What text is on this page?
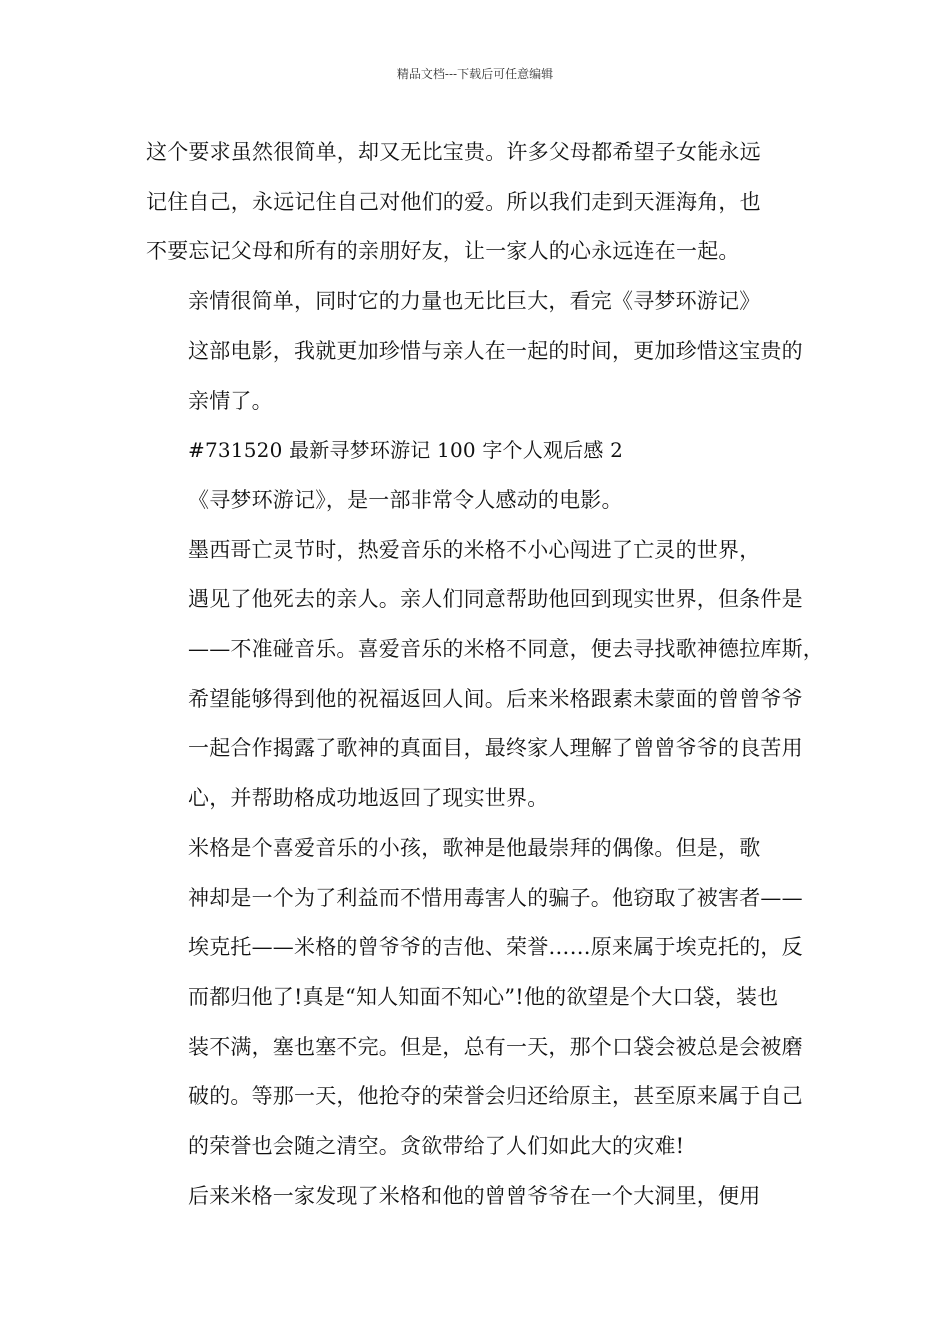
精品文档---下载后可任意编辑
这个要求虽然很简单，却又无比宝贵。许多父母都希望子女能永远
记住自己，永远记住自己对他们的爱。所以我们走到天涯海角，也
不要忘记父母和所有的亲朋好友，让一家人的心永远连在一起。
亲情很简单，同时它的力量也无比巨大，看完《寻梦环游记》
这部电影，我就更加珍惜与亲人在一起的时间，更加珍惜这宝贵的
亲情了。
#731520 最新寻梦环游记 100 字个人观后感 2
《寻梦环游记》，是一部非常令人感动的电影。
墨西哥亡灵节时，热爱音乐的米格不小心闯进了亡灵的世界，
遇见了他死去的亲人。亲人们同意帮助他回到现实世界，但条件是
——不准碰音乐。喜爱音乐的米格不同意，便去寻找歌神德拉库斯，
希望能够得到他的祝福返回人间。后来米格跟素未蒙面的曾曾爷爷
一起合作揭露了歌神的真面目，最终家人理解了曾曾爷爷的良苦用
心，并帮助格成功地返回了现实世界。
米格是个喜爱音乐的小孩，歌神是他最崇拜的偶像。但是，歌
神却是一个为了利益而不惜用毒害人的骗子。他窃取了被害者——
埃克托——米格的曾爷爷的吉他、荣誉……原来属于埃克托的，反
而都归他了!真是“知人知面不知心”!他的欲望是个大口袋，装也
装不满，塞也塞不完。但是，总有一天，那个口袋会被总是会被磨
破的。等那一天，他抢夺的荣誉会归还给原主，甚至原来属于自己
的荣誉也会随之清空。贪欲带给了人们如此大的灾难!
后来米格一家发现了米格和他的曾曾爷爷在一个大洞里，便用
